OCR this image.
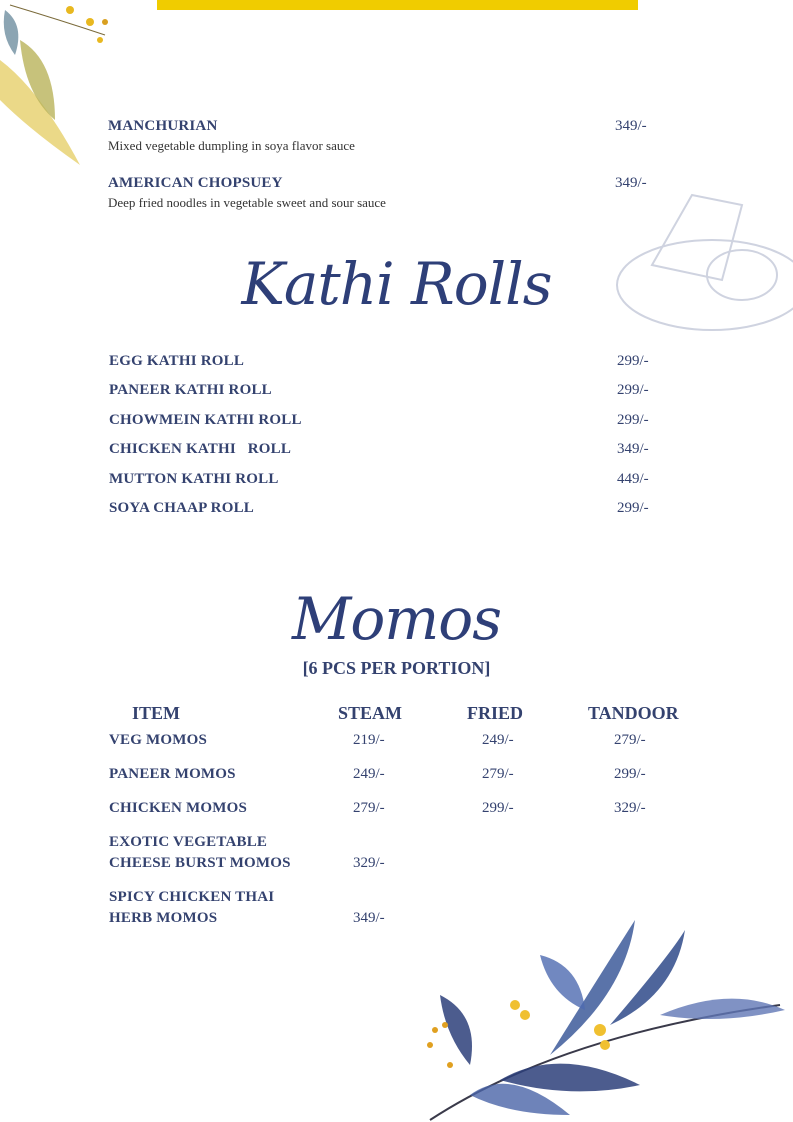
MANCHURIAN
Mixed vegetable dumpling in soya flavor sauce
349/-
AMERICAN CHOPSUEY
Deep fried noodles in vegetable sweet and sour sauce
349/-
Kathi Rolls
EGG KATHI ROLL	299/-
PANEER KATHI ROLL	299/-
CHOWMEIN KATHI ROLL	299/-
CHICKEN KATHI   ROLL	349/-
MUTTON KATHI ROLL	449/-
SOYA CHAAP ROLL	299/-
Momos
[6 PCS PER PORTION]
ITEM	STEAM	FRIED	TANDOOR
VEG MOMOS	219/-	249/-	279/-
PANEER MOMOS	249/-	279/-	299/-
CHICKEN MOMOS	279/-	299/-	329/-
EXOTIC VEGETABLE
CHEESE BURST MOMOS	329/-
SPICY CHICKEN THAI
HERB MOMOS	349/-
